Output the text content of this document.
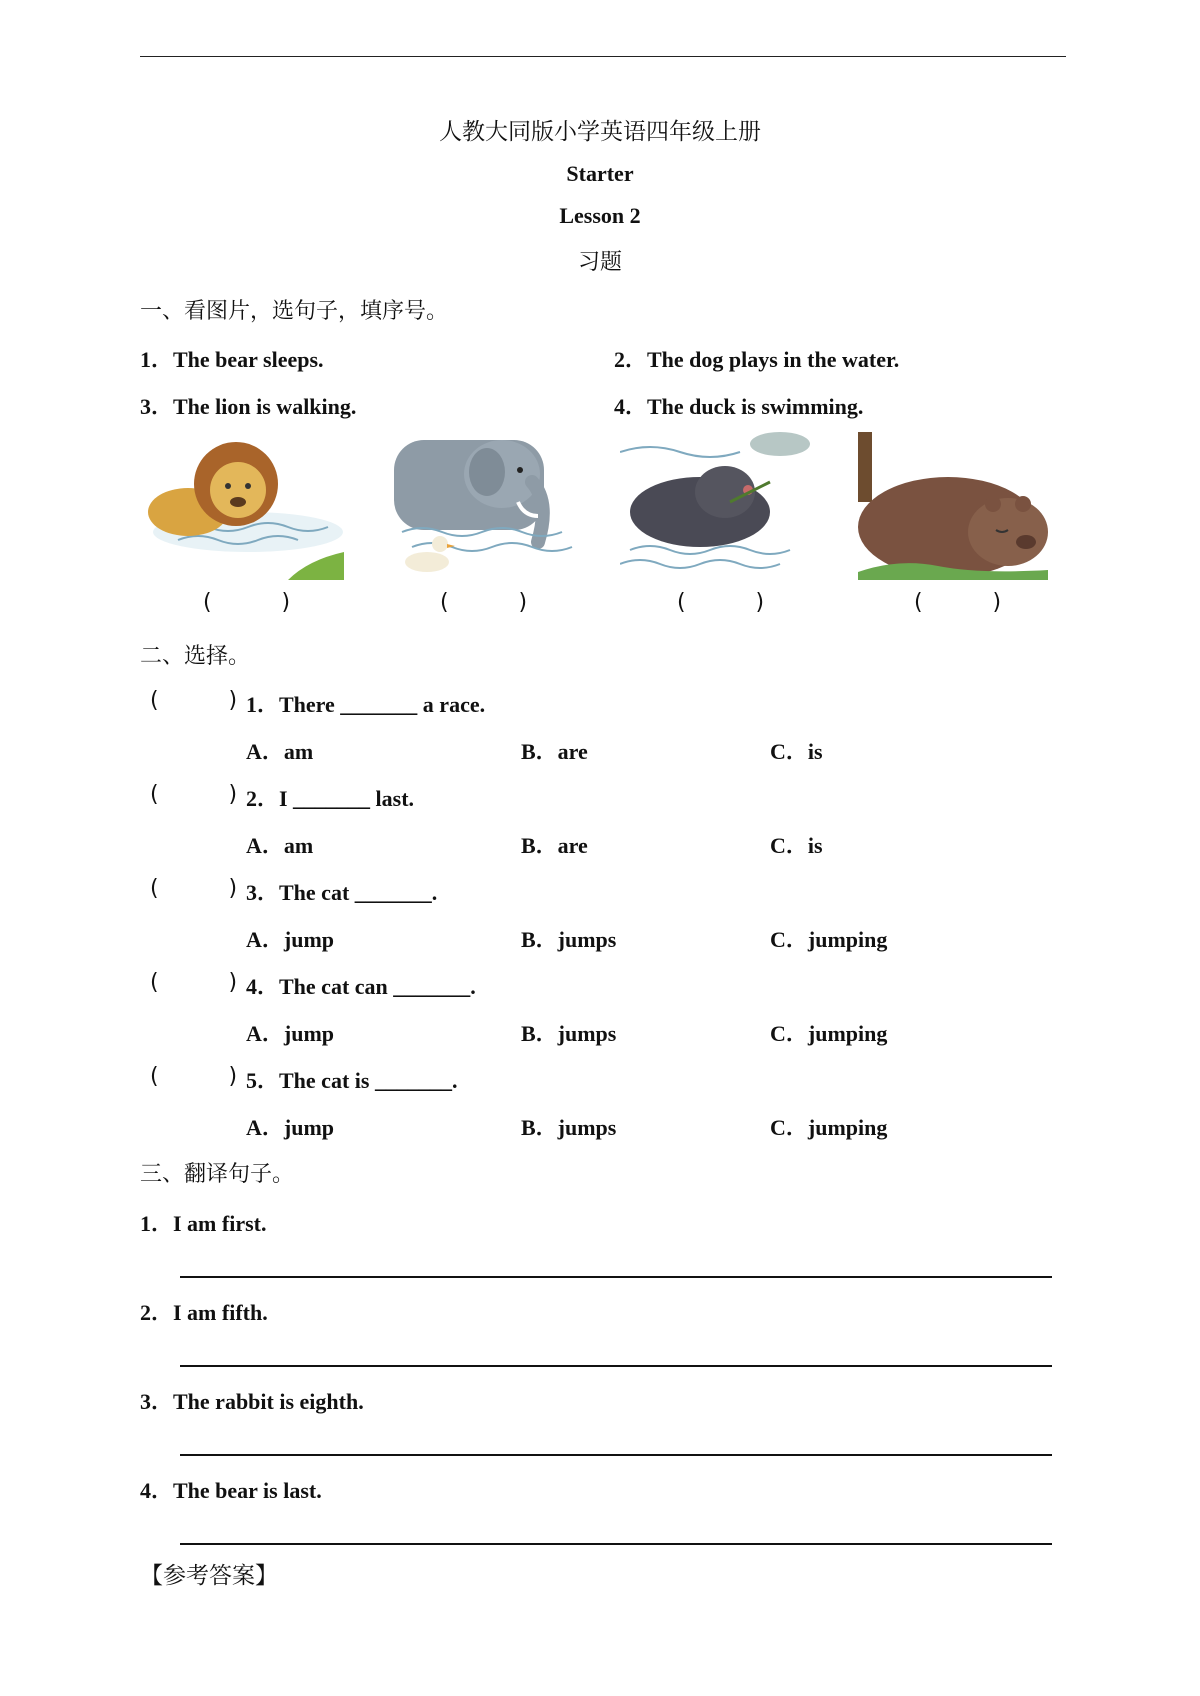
人教大同版小学英语四年级上册
Starter
Lesson 2
习题
一、看图片，选句子，填序号。
1．The bear sleeps.	2．The dog plays in the water.
3．The lion is walking.	4．The duck is swimming.
(          )	(          )	(          )	(          )
二、选择。
(          ) 1．There _______ a race.
A．am	B．are	C．is
(          ) 2．I _______ last.
A．am	B．are	C．is
(          ) 3．The cat _______.
A．jump	B．jumps	C．jumping
(          ) 4．The cat can _______.
A．jump	B．jumps	C．jumping
(          ) 5．The cat is _______.
A．jump	B．jumps	C．jumping
三、翻译句子。
1．I am first.
2．I am fifth.
3．The rabbit is eighth.
4．The bear is last.
【参考答案】
